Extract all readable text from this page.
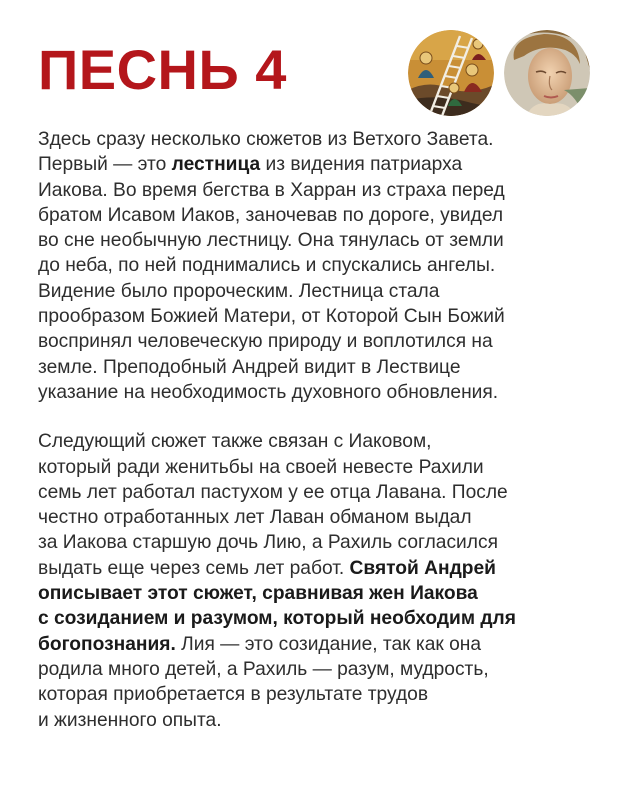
ПЕСНЬ 4

Здесь сразу несколько сюжетов из Ветхого Завета.
Первый — это лестница из видения патриарха
Иакова. Во время бегства в Харран из страха перед
братом Исавом Иаков, заночевав по дороге, увидел
во сне необычную лестницу. Она тянулась от земли
до неба, по ней поднимались и спускались ангелы.
Видение было пророческим. Лестница стала
прообразом Божией Матери, от Которой Сын Божий
воспринял человеческую природу и воплотился на
земле. Преподобный Андрей видит в Лествице
указание на необходимость духовного обновления.

Следующий сюжет также связан с Иаковом,
который ради женитьбы на своей невесте Рахили
семь лет работал пастухом у ее отца Лавана. После
честно отработанных лет Лаван обманом выдал
за Иакова старшую дочь Лию, а Рахиль согласился
выдать еще через семь лет работ. Святой Андрей
описывает этот сюжет, сравнивая жен Иакова
с созиданием и разумом, который необходим для
богопознания. Лия — это созидание, так как она
родила много детей, а Рахиль — разум, мудрость,
которая приобретается в результате трудов
и жизненного опыта.
